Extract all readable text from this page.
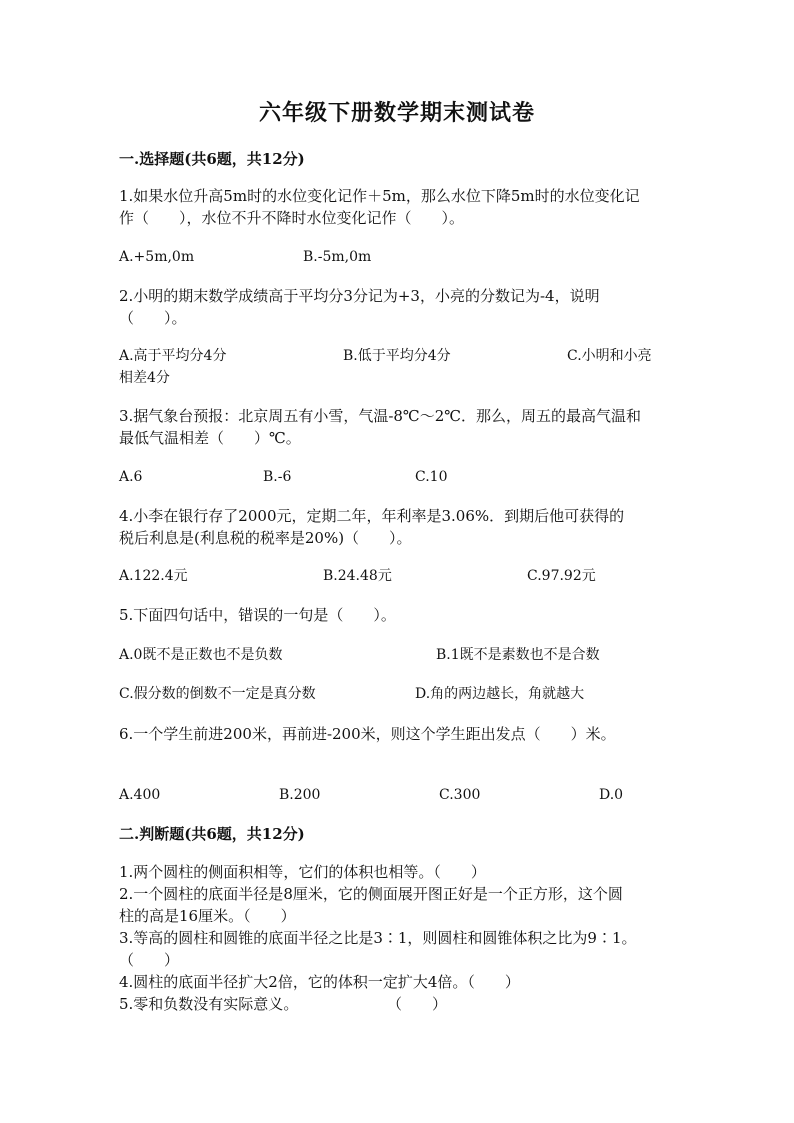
六年级下册数学期末测试卷
一.选择题(共6题，共12分)
1.如果水位升高5m时的水位变化记作＋5m，那么水位下降5m时的水位变化记
作（　　），水位不升不降时水位变化记作（　　）。
A.+5m,0m	B.-5m,0m
2.小明的期末数学成绩高于平均分3分记为+3，小亮的分数记为-4，说明
（　　）。
A.高于平均分4分	B.低于平均分4分	C.小明和小亮
相差4分
3.据气象台预报：北京周五有小雪，气温-8℃～2℃．那么，周五的最高气温和
最低气温相差（　　）℃。
A.6	B.-6	C.10
4.小李在银行存了2000元，定期二年，年利率是3.06%．到期后他可获得的
税后利息是(利息税的税率是20%)（　　）。
A.122.4元	B.24.48元	C.97.92元
5.下面四句话中，错误的一句是（　　）。
A.0既不是正数也不是负数	B.1既不是素数也不是合数
C.假分数的倒数不一定是真分数	D.角的两边越长，角就越大
6.一个学生前进200米，再前进-200米，则这个学生距出发点（　　）米。
A.400	B.200	C.300	D.0
二.判断题(共6题，共12分)
1.两个圆柱的侧面积相等，它们的体积也相等。（　　）
2.一个圆柱的底面半径是8厘米，它的侧面展开图正好是一个正方形，这个圆
柱的高是16厘米。（　　）
3.等高的圆柱和圆锥的底面半径之比是3∶1，则圆柱和圆锥体积之比为9∶1。
（　　）
4.圆柱的底面半径扩大2倍，它的体积一定扩大4倍。（　　）
5.零和负数没有实际意义。	（　　）
